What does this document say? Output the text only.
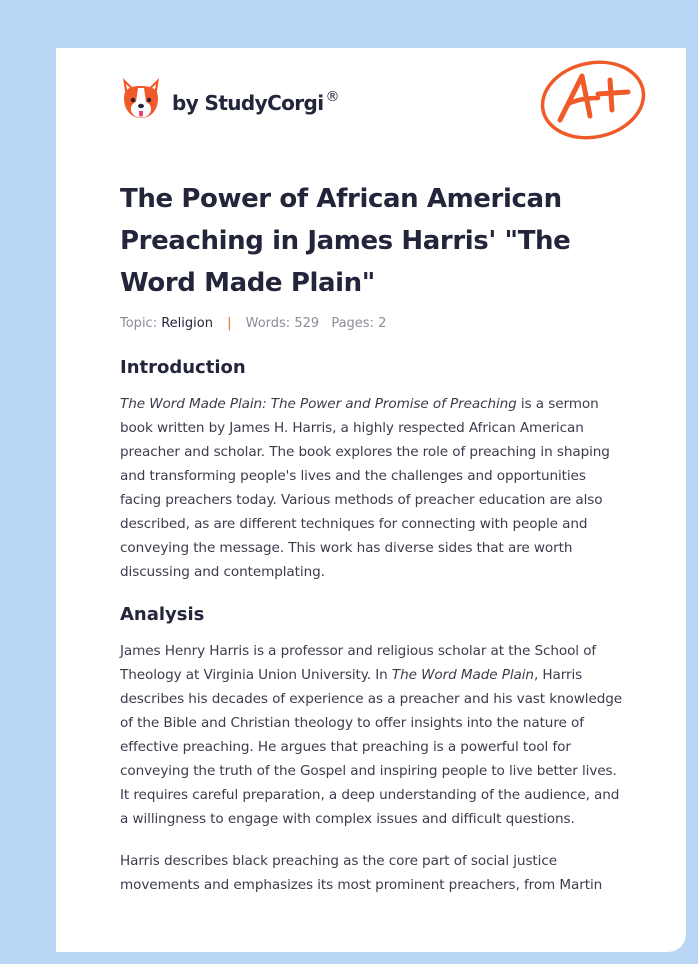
by StudyCorgi ®
The Power of African American Preaching in James Harris' "The Word Made Plain"
Topic: Religion | Words: 529 Pages: 2
Introduction

The Word Made Plain: The Power and Promise of Preaching is a sermon book written by James H. Harris, a highly respected African American preacher and scholar. The book explores the role of preaching in shaping and transforming people's lives and the challenges and opportunities facing preachers today. Various methods of preacher education are also described, as are different techniques for connecting with people and conveying the message. This work has diverse sides that are worth discussing and contemplating.

Analysis

James Henry Harris is a professor and religious scholar at the School of Theology at Virginia Union University. In The Word Made Plain, Harris describes his decades of experience as a preacher and his vast knowledge of the Bible and Christian theology to offer insights into the nature of effective preaching. He argues that preaching is a powerful tool for conveying the truth of the Gospel and inspiring people to live better lives. It requires careful preparation, a deep understanding of the audience, and a willingness to engage with complex issues and difficult questions.

Harris describes black preaching as the core part of social justice movements and emphasizes its most prominent preachers, from Martin
